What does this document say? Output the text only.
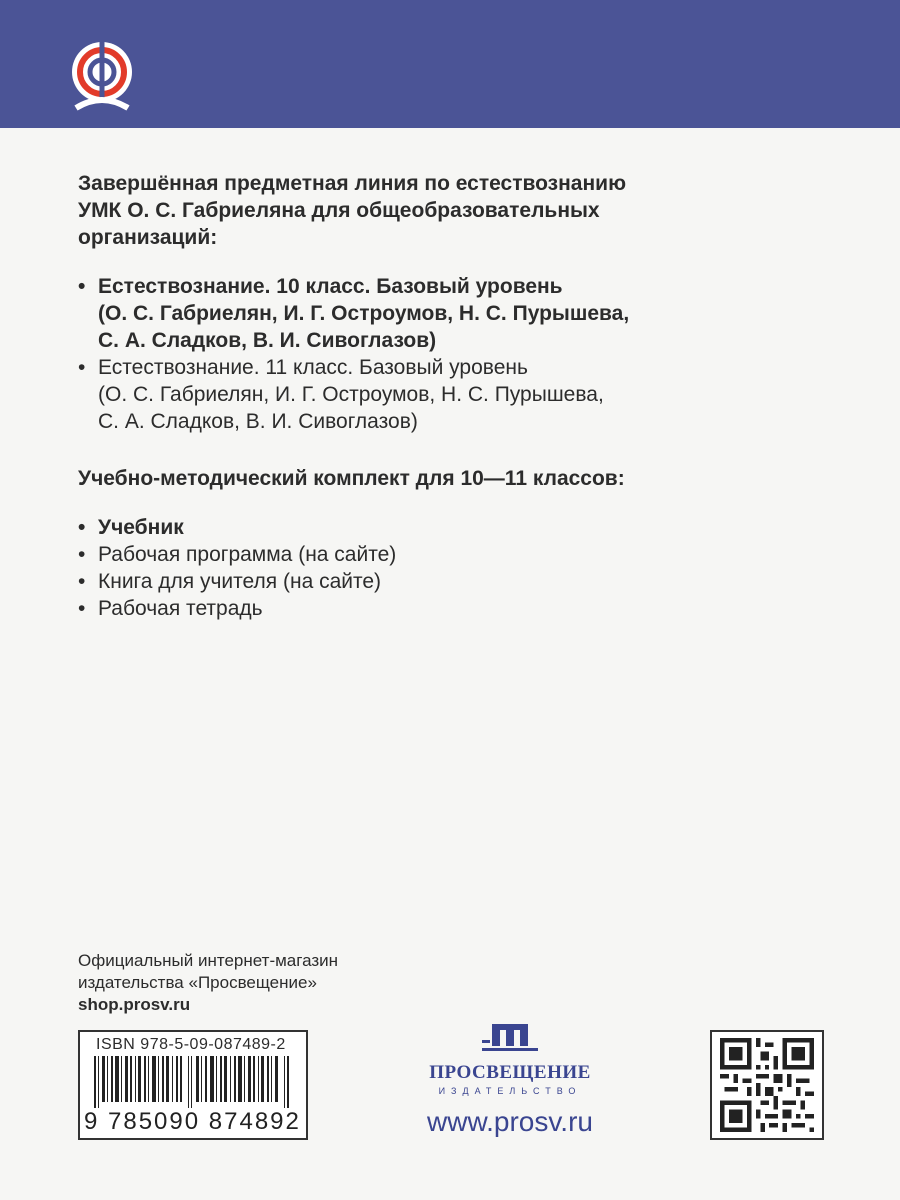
Завершённая предметная линия по естествознанию
УМК О. С. Габриеляна для общеобразовательных
организаций:

• Естествознание. 10 класс. Базовый уровень
(О. С. Габриелян, И. Г. Остроумов, Н. С. Пурышева,
С. А. Сладков, В. И. Сивоглазов)
• Естествознание. 11 класс. Базовый уровень
(О. С. Габриелян, И. Г. Остроумов, Н. С. Пурышева,
С. А. Сладков, В. И. Сивоглазов)

Учебно-методический комплект для 10—11 классов:

• Учебник
• Рабочая программа (на сайте)
• Книга для учителя (на сайте)
• Рабочая тетрадь
Официальный интернет-магазин
издательства «Просвещение»
shop.prosv.ru
ISBN 978-5-09-087489-2
9 785090 874892
ПРОСВЕЩЕНИЕ
ИЗДАТЕЛЬСТВО
www.prosv.ru
